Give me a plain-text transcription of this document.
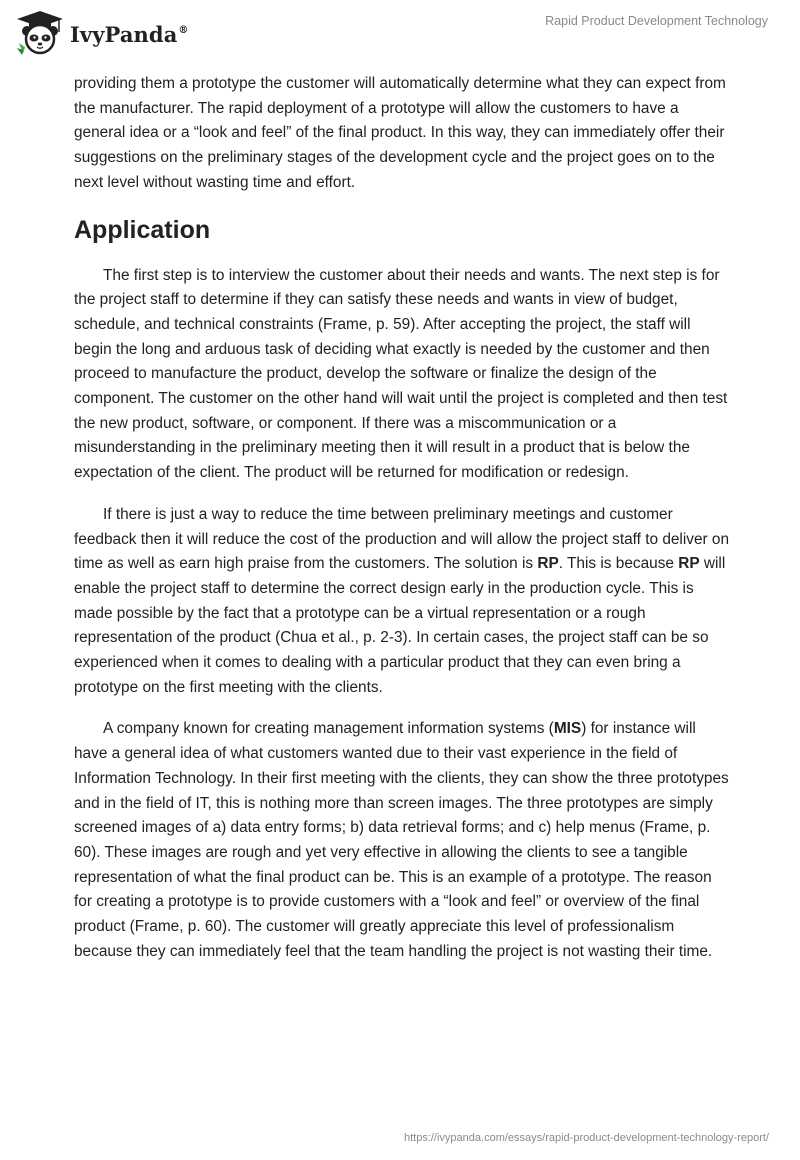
IvyPanda®
Rapid Product Development Technology

providing them a prototype the customer will automatically determine what they can expect from the manufacturer. The rapid deployment of a prototype will allow the customers to have a general idea or a “look and feel” of the final product. In this way, they can immediately offer their suggestions on the preliminary stages of the development cycle and the project goes on to the next level without wasting time and effort.

Application

The first step is to interview the customer about their needs and wants. The next step is for the project staff to determine if they can satisfy these needs and wants in view of budget, schedule, and technical constraints (Frame, p. 59). After accepting the project, the staff will begin the long and arduous task of deciding what exactly is needed by the customer and then proceed to manufacture the product, develop the software or finalize the design of the component. The customer on the other hand will wait until the project is completed and then test the new product, software, or component. If there was a miscommunication or a misunderstanding in the preliminary meeting then it will result in a product that is below the expectation of the client. The product will be returned for modification or redesign.

If there is just a way to reduce the time between preliminary meetings and customer feedback then it will reduce the cost of the production and will allow the project staff to deliver on time as well as earn high praise from the customers. The solution is RP. This is because RP will enable the project staff to determine the correct design early in the production cycle. This is made possible by the fact that a prototype can be a virtual representation or a rough representation of the product (Chua et al., p. 2-3). In certain cases, the project staff can be so experienced when it comes to dealing with a particular product that they can even bring a prototype on the first meeting with the clients.

A company known for creating management information systems (MIS) for instance will have a general idea of what customers wanted due to their vast experience in the field of Information Technology. In their first meeting with the clients, they can show the three prototypes and in the field of IT, this is nothing more than screen images. The three prototypes are simply screened images of a) data entry forms; b) data retrieval forms; and c) help menus (Frame, p. 60). These images are rough and yet very effective in allowing the clients to see a tangible representation of what the final product can be. This is an example of a prototype. The reason for creating a prototype is to provide customers with a “look and feel” or overview of the final product (Frame, p. 60). The customer will greatly appreciate this level of professionalism because they can immediately feel that the team handling the project is not wasting their time.

https://ivypanda.com/essays/rapid-product-development-technology-report/
